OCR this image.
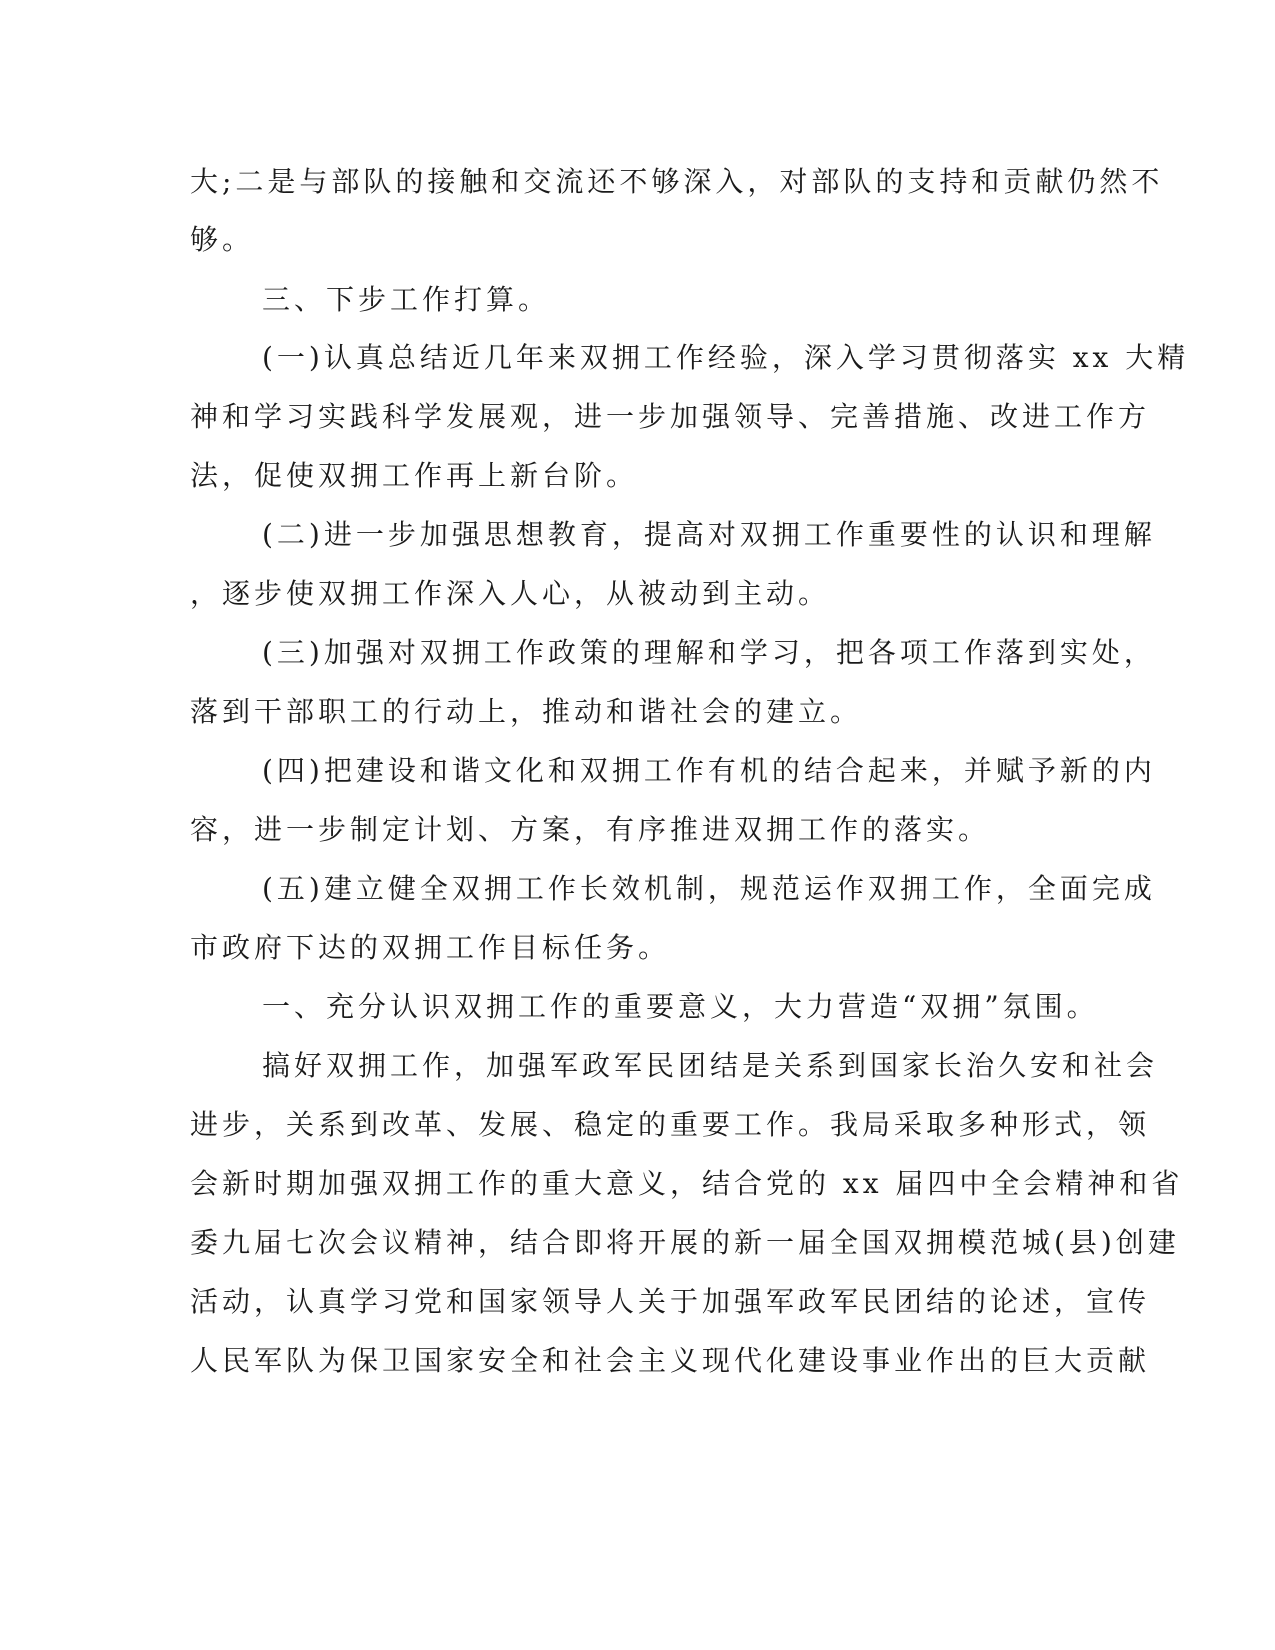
大;二是与部队的接触和交流还不够深入，对部队的支持和贡献仍然不
够。
三、下步工作打算。
(一)认真总结近几年来双拥工作经验，深入学习贯彻落实 xx 大精
神和学习实践科学发展观，进一步加强领导、完善措施、改进工作方
法，促使双拥工作再上新台阶。
(二)进一步加强思想教育，提高对双拥工作重要性的认识和理解
，逐步使双拥工作深入人心，从被动到主动。
(三)加强对双拥工作政策的理解和学习，把各项工作落到实处，
落到干部职工的行动上，推动和谐社会的建立。
(四)把建设和谐文化和双拥工作有机的结合起来，并赋予新的内
容，进一步制定计划、方案，有序推进双拥工作的落实。
(五)建立健全双拥工作长效机制，规范运作双拥工作，全面完成
市政府下达的双拥工作目标任务。
一、充分认识双拥工作的重要意义，大力营造“双拥”氛围。
搞好双拥工作，加强军政军民团结是关系到国家长治久安和社会
进步，关系到改革、发展、稳定的重要工作。我局采取多种形式，领
会新时期加强双拥工作的重大意义，结合党的 xx 届四中全会精神和省
委九届七次会议精神，结合即将开展的新一届全国双拥模范城(县)创建
活动，认真学习党和国家领导人关于加强军政军民团结的论述，宣传
人民军队为保卫国家安全和社会主义现代化建设事业作出的巨大贡献
